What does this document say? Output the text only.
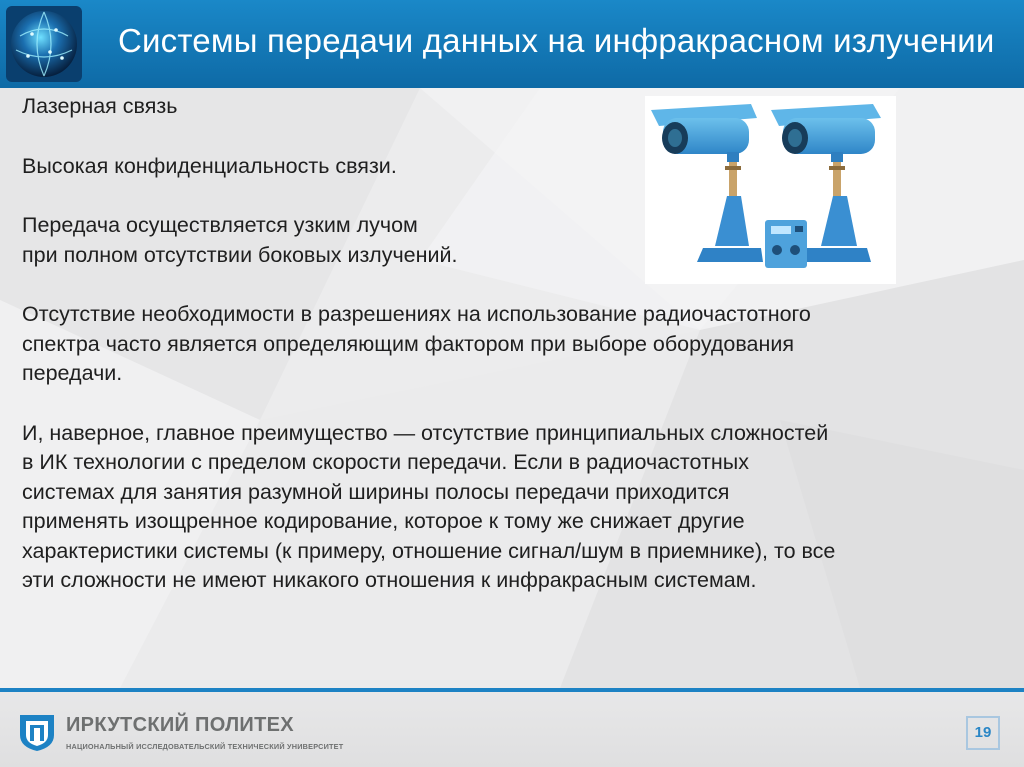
Системы передачи данных на инфракрасном излучении

Лазерная связь

Высокая конфиденциальность связи.

Передача осуществляется узким лучом
при полном отсутствии боковых излучений.

Отсутствие необходимости в разрешениях на использование радиочастотного
спектра часто является определяющим фактором при выборе оборудования
передачи.

И, наверное, главное преимущество — отсутствие принципиальных сложностей
в ИК технологии с пределом скорости передачи. Если в радиочастотных
системах для занятия разумной ширины полосы передачи приходится
применять изощренное кодирование, которое к тому же снижает другие
характеристики системы (к примеру, отношение сигнал/шум в приемнике), то все
эти сложности не имеют никакого отношения к инфракрасным системам.

ИРКУТСКИЙ ПОЛИТЕХ
НАЦИОНАЛЬНЫЙ ИССЛЕДОВАТЕЛЬСКИЙ ТЕХНИЧЕСКИЙ УНИВЕРСИТЕТ
19
